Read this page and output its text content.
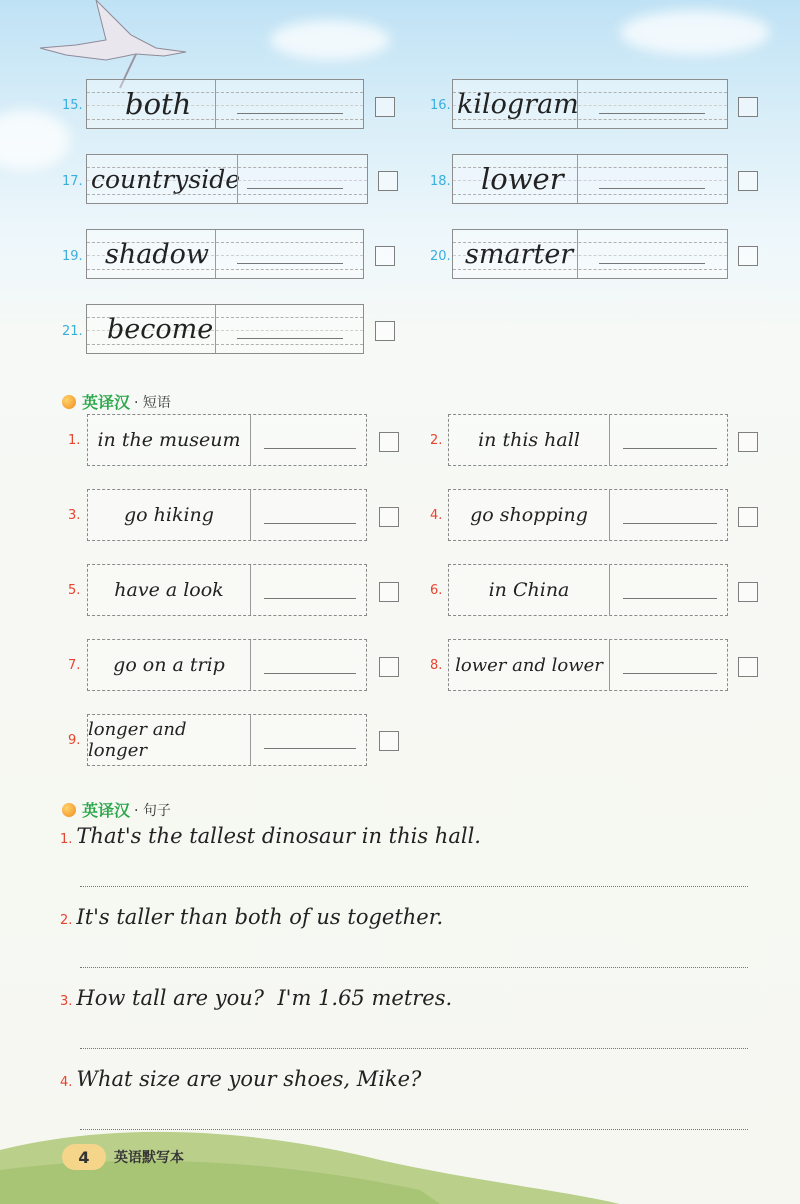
15. both	16. kilogram
17. countryside	18. lower
19. shadow	20. smarter
21. become
英译汉 · 短语
1. in the museum	2.	in this hall
3.	go hiking	4.	go shopping
5.	have a look	6.	in China
7.	go on a trip	8. lower and lower
9.
longer and longer
英译汉 · 句子
1. That's the tallest dinosaur in this hall.
2. It's taller than both of us together.
3. How tall are you?  I'm 1.65 metres.
4. What size are your shoes, Mike?
4	英语默写本
